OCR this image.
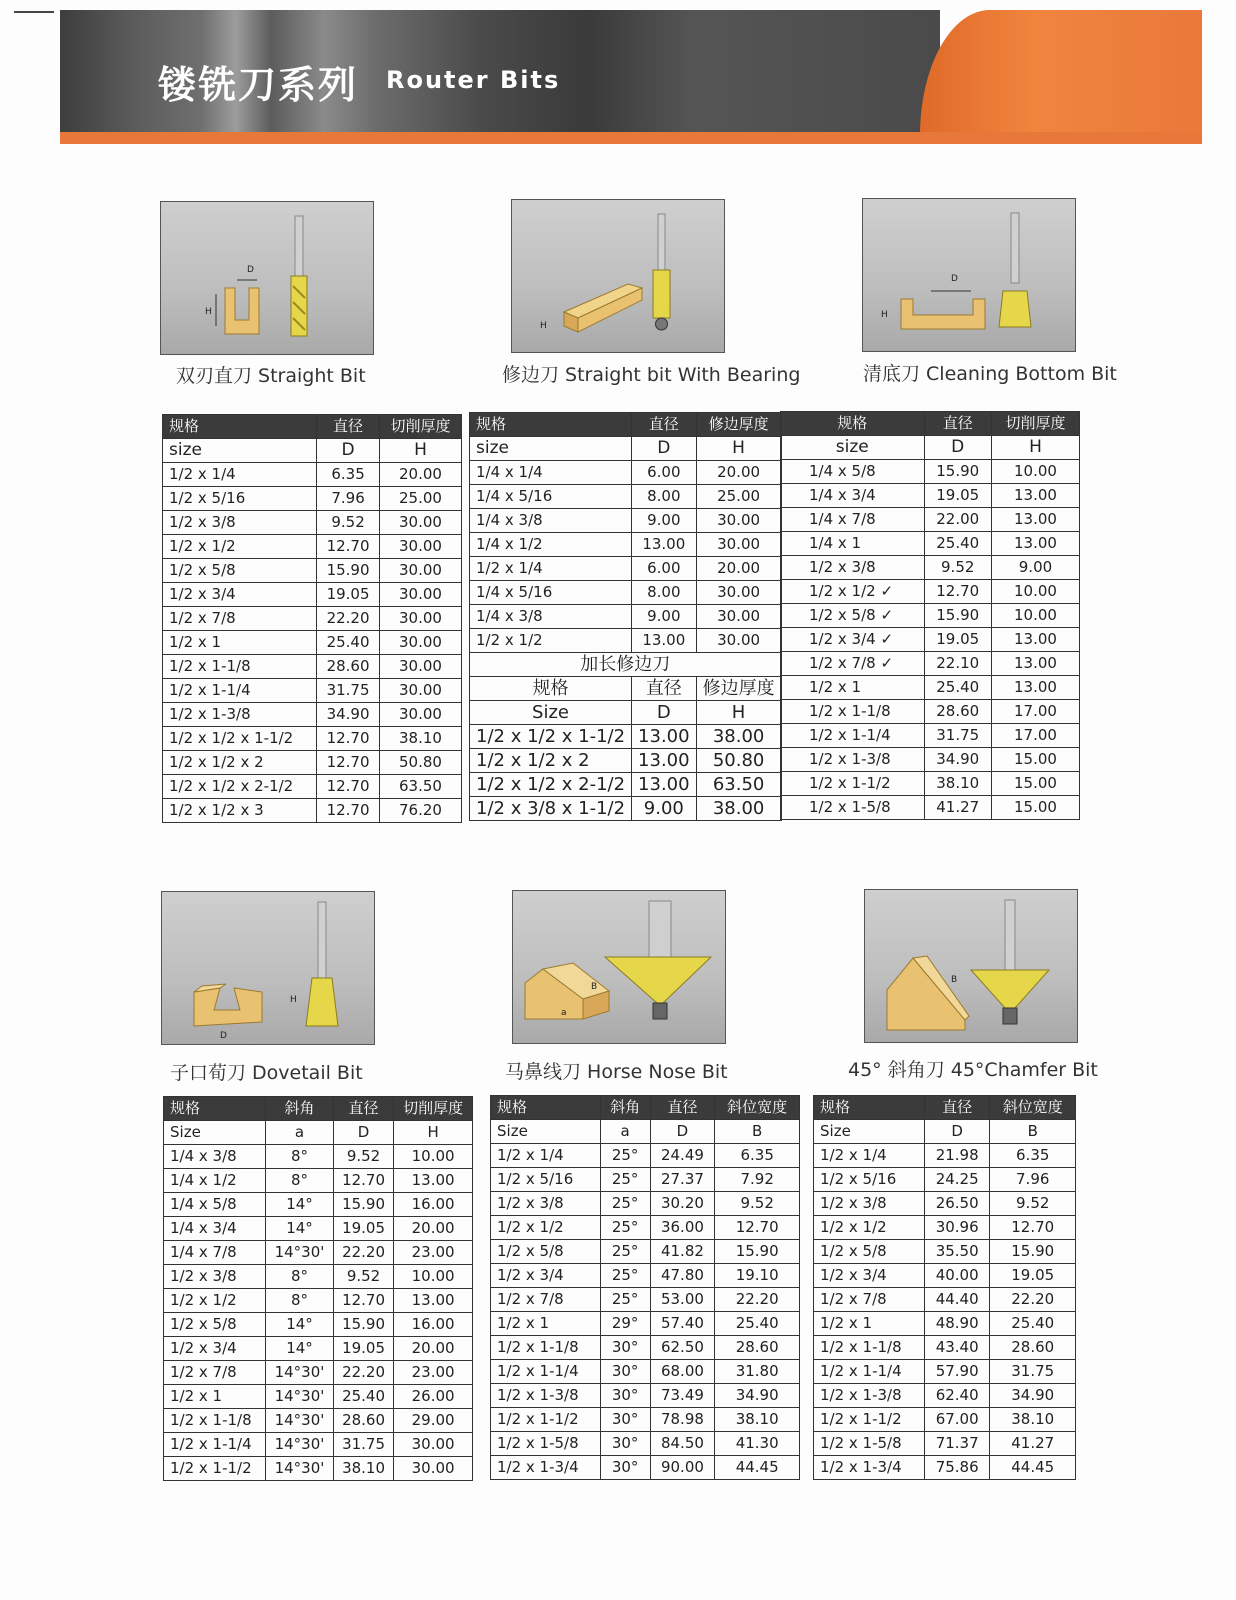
镂铣刀系列 Router Bits
D
H
H
D
H
双刃直刀 Straight Bit	修边刀 Straight bit With Bearing	清底刀 Cleaning Bottom Bit
规格	直径	切削厚度
size	D	H
1/2 x 1/4	6.35	20.00
1/2 x 5/16	7.96	25.00
1/2 x 3/8	9.52	30.00
1/2 x 1/2	12.70	30.00
1/2 x 5/8	15.90	30.00
1/2 x 3/4	19.05	30.00
1/2 x 7/8	22.20	30.00
1/2 x 1	25.40	30.00
1/2 x 1-1/8	28.60	30.00
1/2 x 1-1/4	31.75	30.00
1/2 x 1-3/8	34.90	30.00
1/2 x 1/2 x 1-1/2	12.70	38.10
1/2 x 1/2 x 2	12.70	50.80
1/2 x 1/2 x 2-1/2	12.70	63.50
1/2 x 1/2 x 3	12.70	76.20
规格	直径	修边厚度
size	D	H
1/4 x 1/4	6.00	20.00
1/4 x 5/16	8.00	25.00
1/4 x 3/8	9.00	30.00
1/4 x 1/2	13.00	30.00
1/2 x 1/4	6.00	20.00
1/4 x 5/16	8.00	30.00
1/4 x 3/8	9.00	30.00
1/2 x 1/2	13.00	30.00
加长修边刀		
规格	直径	修边厚度
Size	D	H
1/2 x 1/2 x 1-1/2	13.00	38.00
1/2 x 1/2 x 2	13.00	50.80
1/2 x 1/2 x 2-1/2	13.00	63.50
1/2 x 3/8 x 1-1/2	9.00	38.00
规格	直径	切削厚度
size	D	H
1/4 x 5/8	15.90	10.00
1/4 x 3/4	19.05	13.00
1/4 x 7/8	22.00	13.00
1/4 x 1	25.40	13.00
1/2 x 3/8	9.52	9.00
1/2 x 1/2 ✓	12.70	10.00
1/2 x 5/8 ✓	15.90	10.00
1/2 x 3/4 ✓	19.05	13.00
1/2 x 7/8 ✓	22.10	13.00
1/2 x 1	25.40	13.00
1/2 x 1-1/8	28.60	17.00
1/2 x 1-1/4	31.75	17.00
1/2 x 1-3/8	34.90	15.00
1/2 x 1-1/2	38.10	15.00
1/2 x 1-5/8	41.27	15.00
D
H
B
a
B
子口荀刀 Dovetail Bit	马鼻线刀 Horse Nose Bit	45° 斜角刀 45°Chamfer Bit
规格	斜角	直径	切削厚度
Size	a	D	H
1/4 x 3/8	8°	9.52	10.00
1/4 x 1/2	8°	12.70	13.00
1/4 x 5/8	14°	15.90	16.00
1/4 x 3/4	14°	19.05	20.00
1/4 x 7/8	14°30'	22.20	23.00
1/2 x 3/8	8°	9.52	10.00
1/2 x 1/2	8°	12.70	13.00
1/2 x 5/8	14°	15.90	16.00
1/2 x 3/4	14°	19.05	20.00
1/2 x 7/8	14°30'	22.20	23.00
1/2 x 1	14°30'	25.40	26.00
1/2 x 1-1/8	14°30'	28.60	29.00
1/2 x 1-1/4	14°30'	31.75	30.00
1/2 x 1-1/2	14°30'	38.10	30.00
规格	斜角	直径	斜位宽度
Size	a	D	B
1/2 x 1/4	25°	24.49	6.35
1/2 x 5/16	25°	27.37	7.92
1/2 x 3/8	25°	30.20	9.52
1/2 x 1/2	25°	36.00	12.70
1/2 x 5/8	25°	41.82	15.90
1/2 x 3/4	25°	47.80	19.10
1/2 x 7/8	25°	53.00	22.20
1/2 x 1	29°	57.40	25.40
1/2 x 1-1/8	30°	62.50	28.60
1/2 x 1-1/4	30°	68.00	31.80
1/2 x 1-3/8	30°	73.49	34.90
1/2 x 1-1/2	30°	78.98	38.10
1/2 x 1-5/8	30°	84.50	41.30
1/2 x 1-3/4	30°	90.00	44.45
规格	直径	斜位宽度
Size	D	B
1/2 x 1/4	21.98	6.35
1/2 x 5/16	24.25	7.96
1/2 x 3/8	26.50	9.52
1/2 x 1/2	30.96	12.70
1/2 x 5/8	35.50	15.90
1/2 x 3/4	40.00	19.05
1/2 x 7/8	44.40	22.20
1/2 x 1	48.90	25.40
1/2 x 1-1/8	43.40	28.60
1/2 x 1-1/4	57.90	31.75
1/2 x 1-3/8	62.40	34.90
1/2 x 1-1/2	67.00	38.10
1/2 x 1-5/8	71.37	41.27
1/2 x 1-3/4	75.86	44.45
